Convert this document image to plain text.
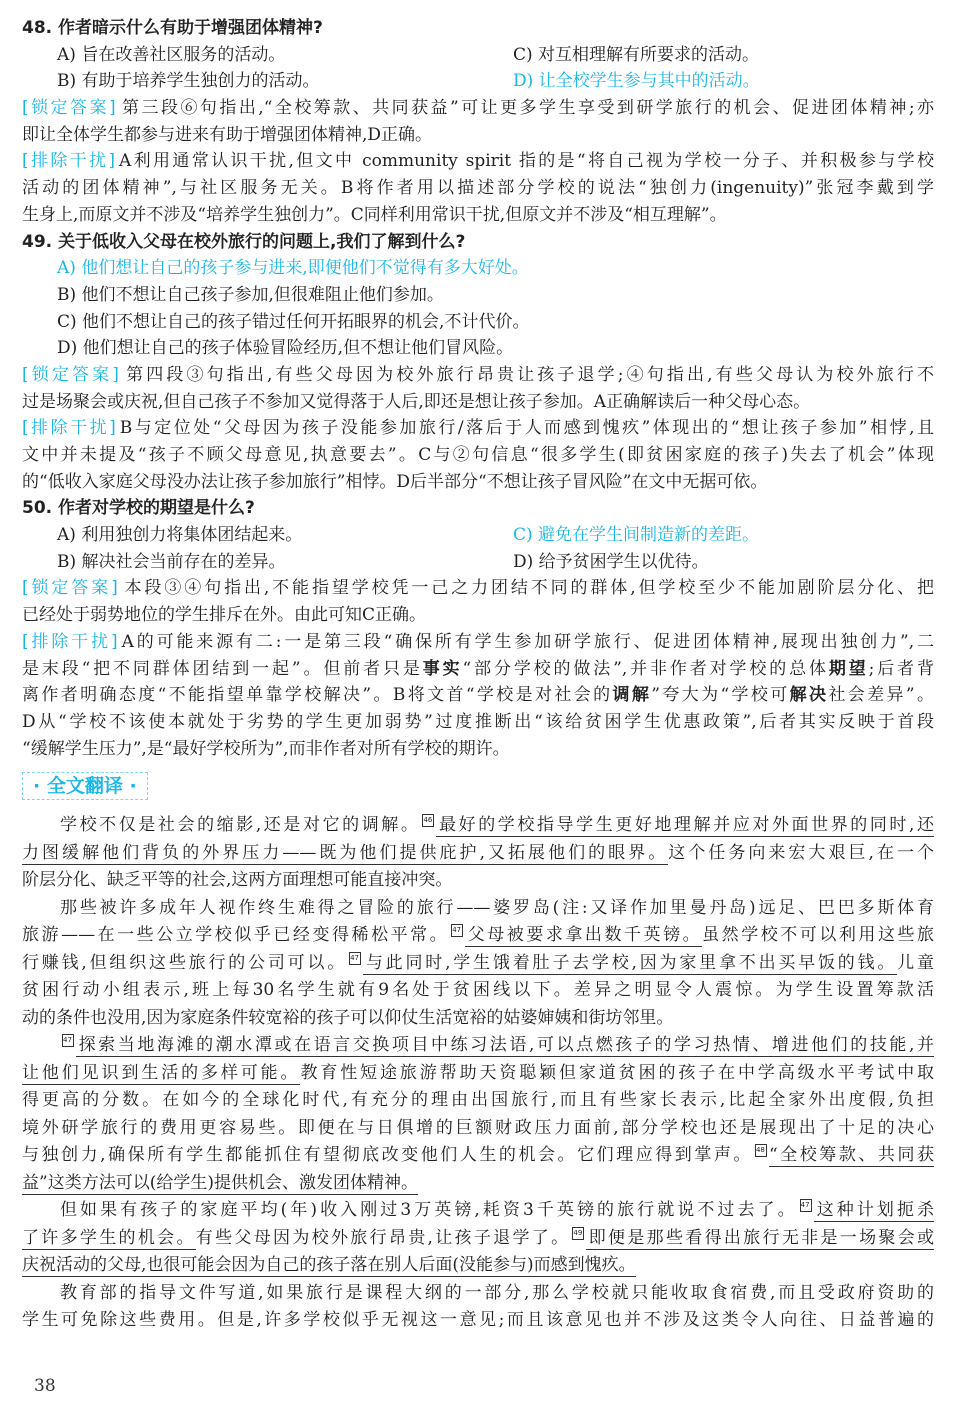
48. 作者暗示什么有助于增强团体精神?
A) 旨在改善社区服务的活动。	C) 对互相理解有所要求的活动。
B) 有助于培养学生独创力的活动。	D) 让全校学生参与其中的活动。
[锁定答案] 第三段⑥句指出,“全校筹款、共同获益”可让更多学生享受到研学旅行的机会、促进团体精神;亦
即让全体学生都参与进来有助于增强团体精神,D正确。
[排除干扰] A利用通常认识干扰,但文中 community spirit 指的是“将自己视为学校一分子、并积极参与学校
活动的团体精神”,与社区服务无关。B将作者用以描述部分学校的说法“独创力(ingenuity)”张冠李戴到学
生身上,而原文并不涉及“培养学生独创力”。C同样利用常识干扰,但原文并不涉及“相互理解”。
49. 关于低收入父母在校外旅行的问题上,我们了解到什么?
A) 他们想让自己的孩子参与进来,即便他们不觉得有多大好处。
B) 他们不想让自己孩子参加,但很难阻止他们参加。
C) 他们不想让自己的孩子错过任何开拓眼界的机会,不计代价。
D) 他们想让自己的孩子体验冒险经历,但不想让他们冒风险。
[锁定答案] 第四段③句指出,有些父母因为校外旅行昂贵让孩子退学;④句指出,有些父母认为校外旅行不
过是场聚会或庆祝,但自己孩子不参加又觉得落于人后,即还是想让孩子参加。A正确解读后一种父母心态。
[排除干扰] B与定位处“父母因为孩子没能参加旅行/落后于人而感到愧疚”体现出的“想让孩子参加”相悖,且
文中并未提及“孩子不顾父母意见,执意要去”。C与②句信息“很多学生(即贫困家庭的孩子)失去了机会”体现
的“低收入家庭父母没办法让孩子参加旅行”相悖。D后半部分“不想让孩子冒风险”在文中无据可依。
50. 作者对学校的期望是什么?
A) 利用独创力将集体团结起来。	C) 避免在学生间制造新的差距。
B) 解决社会当前存在的差异。	D) 给予贫困学生以优待。
[锁定答案] 本段③④句指出,不能指望学校凭一己之力团结不同的群体,但学校至少不能加剧阶层分化、把
已经处于弱势地位的学生排斥在外。由此可知C正确。
[排除干扰] A的可能来源有二:一是第三段“确保所有学生参加研学旅行、促进团体精神,展现出独创力”,二
是末段“把不同群体团结到一起”。但前者只是事实“部分学校的做法”,并非作者对学校的总体期望;后者背
离作者明确态度“不能指望单靠学校解决”。B将文首“学校是对社会的调解”夸大为“学校可解决社会差异”。
D从“学校不该使本就处于劣势的学生更加弱势”过度推断出“该给贫困学生优惠政策”,后者其实反映于首段
“缓解学生压力”,是“最好学校所为”,而非作者对所有学校的期许。
· 全文翻译 ·
学校不仅是社会的缩影,还是对它的调解。 46 最好的学校指导学生更好地理解并应对外面世界的同时,还
力图缓解他们背负的外界压力——既为他们提供庇护,又拓展他们的眼界。这个任务向来宏大艰巨,在一个
阶层分化、缺乏平等的社会,这两方面理想可能直接冲突。
那些被许多成年人视作终生难得之冒险的旅行——婆罗岛(注:又译作加里曼丹岛)远足、巴巴多斯体育
旅游——在一些公立学校似乎已经变得稀松平常。 47 父母被要求拿出数千英镑。虽然学校不可以利用这些旅
行赚钱,但组织这些旅行的公司可以。 47 与此同时,学生饿着肚子去学校,因为家里拿不出买早饭的钱。儿童
贫困行动小组表示,班上每30名学生就有9名处于贫困线以下。差异之明显令人震惊。为学生设置筹款活
动的条件也没用,因为家庭条件较宽裕的孩子可以仰仗生活宽裕的姑婆婶姨和街坊邻里。
47 探索当地海滩的潮水潭或在语言交换项目中练习法语,可以点燃孩子的学习热情、增进他们的技能,并
让他们见识到生活的多样可能。教育性短途旅游帮助天资聪颖但家道贫困的孩子在中学高级水平考试中取
得更高的分数。在如今的全球化时代,有充分的理由出国旅行,而且有些家长表示,比起全家外出度假,负担
境外研学旅行的费用更容易些。即便在与日俱增的巨额财政压力面前,部分学校也还是展现出了十足的决心
与独创力,确保所有学生都能抓住有望彻底改变他们人生的机会。它们理应得到掌声。 48 “全校筹款、共同获
益”这类方法可以(给学生)提供机会、激发团体精神。
但如果有孩子的家庭平均(年)收入刚过3万英镑,耗资3千英镑的旅行就说不过去了。 47 这种计划扼杀
了许多学生的机会。有些父母因为校外旅行昂贵,让孩子退学了。 49 即便是那些看得出旅行无非是一场聚会或
庆祝活动的父母,也很可能会因为自己的孩子落在别人后面(没能参与)而感到愧疚。
教育部的指导文件写道,如果旅行是课程大纲的一部分,那么学校就只能收取食宿费,而且受政府资助的
学生可免除这些费用。但是,许多学校似乎无视这一意见;而且该意见也并不涉及这类令人向往、日益普遍的
38
